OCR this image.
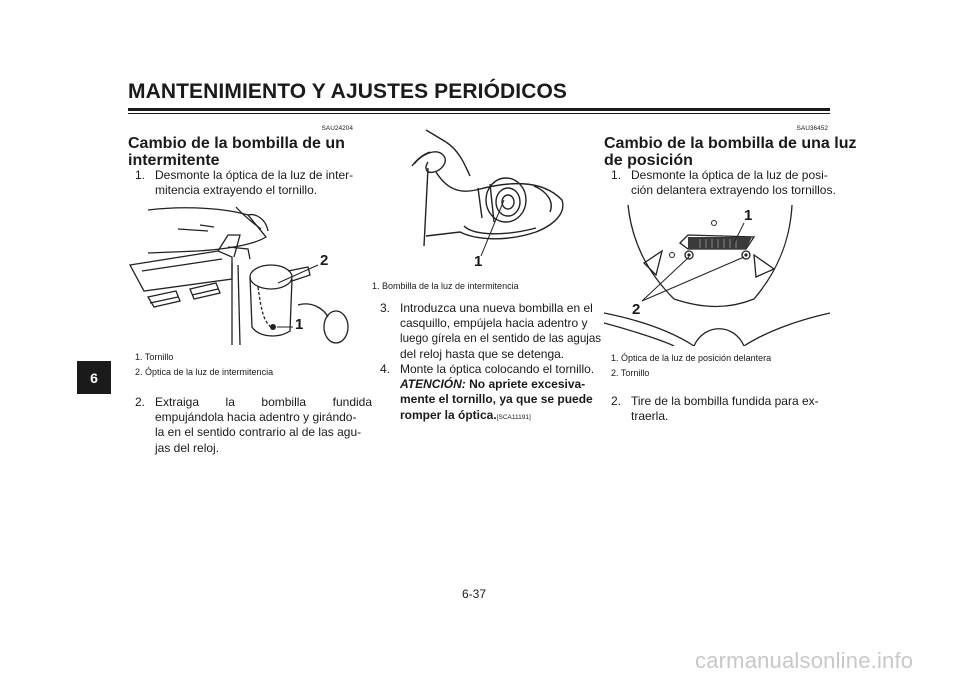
MANTENIMIENTO Y AJUSTES PERIÓDICOS
6
SAU24204
Cambio de la bombilla de un
intermitente
1. Desmonte la óptica de la luz de inter-
mitencia extrayendo el tornillo.
2
1
1. Tornillo
2. Óptica de la luz de intermitencia
2. Extraiga la bombilla fundida
empujándola hacia adentro y girándo-
la en el sentido contrario al de las agu-
jas del reloj.
1
1. Bombilla de la luz de intermitencia
3. Introduzca una nueva bombilla en el
casquillo, empújela hacia adentro y
luego gírela en el sentido de las agujas
del reloj hasta que se detenga.
4. Monte la óptica colocando el tornillo.
ATENCIÓN: No apriete excesiva-
mente el tornillo, ya que se puede
romper la óptica.[SCA11191]
SAU36452
Cambio de la bombilla de una luz
de posición
1. Desmonte la óptica de la luz de posi-
ción delantera extrayendo los tornillos.
1
2
1. Óptica de la luz de posición delantera
2. Tornillo
2. Tire de la bombilla fundida para ex-
traerla.
6-37
carmanualsonline.info
